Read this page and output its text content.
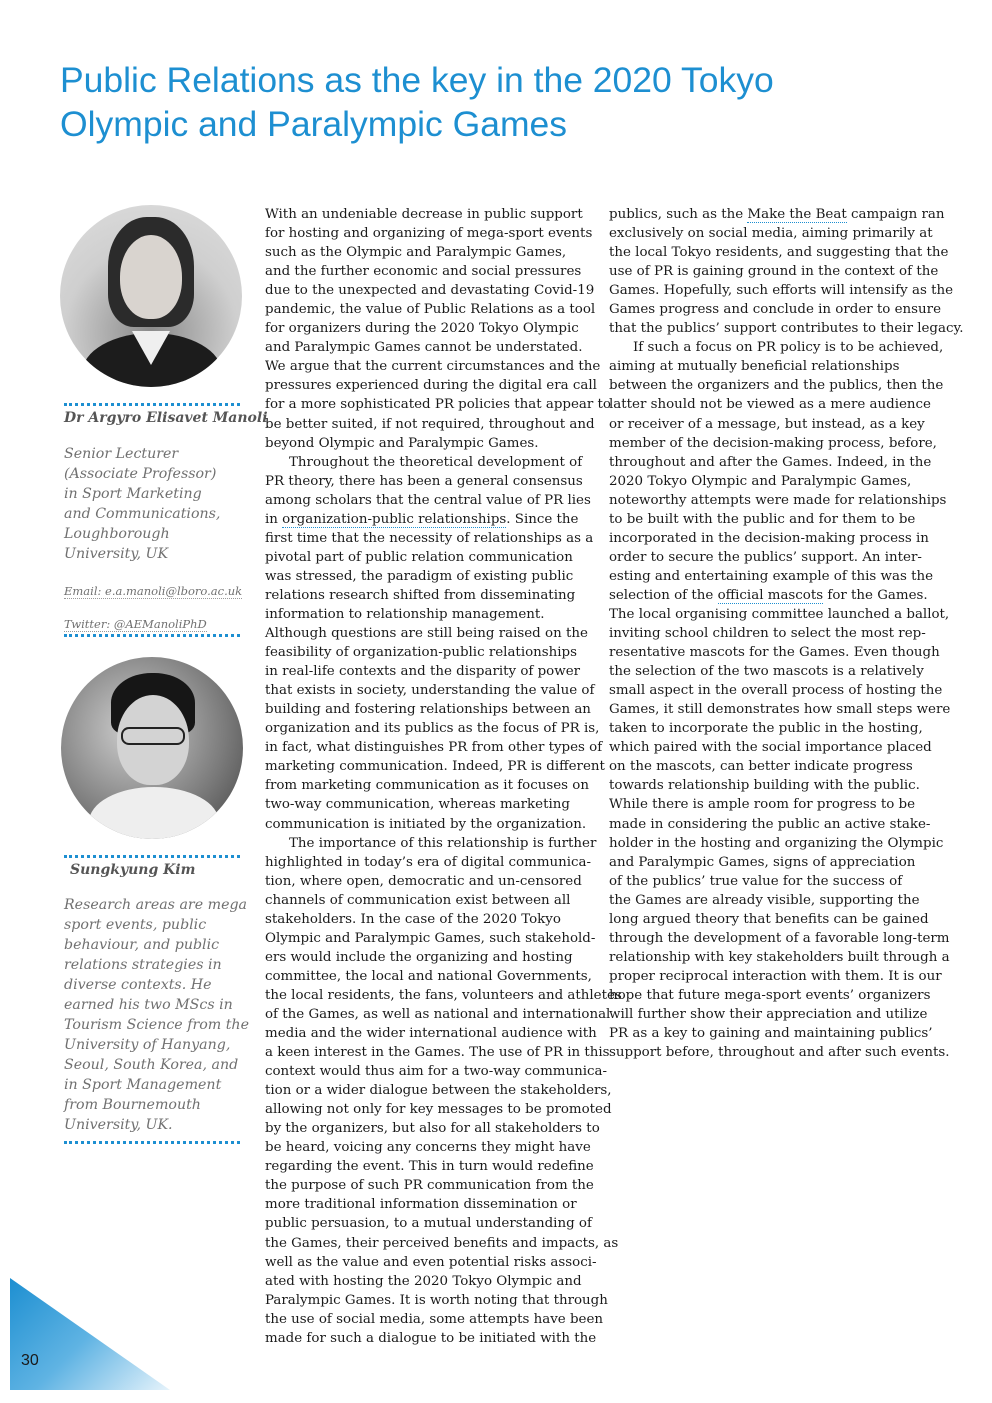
Public Relations as the key in the 2020 Tokyo
Olympic and Paralympic Games
Dr Argyro Elisavet Manoli
Senior Lecturer
(Associate Professor)
in Sport Marketing
and Communications,
Loughborough
University, UK
Email: e.a.manoli@lboro.ac.uk
Twitter: @AEManoliPhD
Sungkyung Kim
Research areas are mega
sport events, public
behaviour, and public
relations strategies in
diverse contexts. He
earned his two MScs in
Tourism Science from the
University of Hanyang,
Seoul, South Korea, and
in Sport Management
from Bournemouth
University, UK.
With an undeniable decrease in public support
for hosting and organizing of mega-sport events
such as the Olympic and Paralympic Games,
and the further economic and social pressures
due to the unexpected and devastating Covid-19
pandemic, the value of Public Relations as a tool
for organizers during the 2020 Tokyo Olympic
and Paralympic Games cannot be understated.
We argue that the current circumstances and the
pressures experienced during the digital era call
for a more sophisticated PR policies that appear to
be better suited, if not required, throughout and
beyond Olympic and Paralympic Games.
Throughout the theoretical development of
PR theory, there has been a general consensus
among scholars that the central value of PR lies
in organization-public relationships. Since the
first time that the necessity of relationships as a
pivotal part of public relation communication
was stressed, the paradigm of existing public
relations research shifted from disseminating
information to relationship management.
Although questions are still being raised on the
feasibility of organization-public relationships
in real-life contexts and the disparity of power
that exists in society, understanding the value of
building and fostering relationships between an
organization and its publics as the focus of PR is,
in fact, what distinguishes PR from other types of
marketing communication. Indeed, PR is different
from marketing communication as it focuses on
two-way communication, whereas marketing
communication is initiated by the organization.
The importance of this relationship is further
highlighted in today’s era of digital communica-
tion, where open, democratic and un-censored
channels of communication exist between all
stakeholders. In the case of the 2020 Tokyo
Olympic and Paralympic Games, such stakehold-
ers would include the organizing and hosting
committee, the local and national Governments,
the local residents, the fans, volunteers and athletes
of the Games, as well as national and international
media and the wider international audience with
a keen interest in the Games. The use of PR in this
context would thus aim for a two-way communica-
tion or a wider dialogue between the stakeholders,
allowing not only for key messages to be promoted
by the organizers, but also for all stakeholders to
be heard, voicing any concerns they might have
regarding the event. This in turn would redefine
the purpose of such PR communication from the
more traditional information dissemination or
public persuasion, to a mutual understanding of
the Games, their perceived benefits and impacts, as
well as the value and even potential risks associ-
ated with hosting the 2020 Tokyo Olympic and
Paralympic Games. It is worth noting that through
the use of social media, some attempts have been
made for such a dialogue to be initiated with the
publics, such as the Make the Beat campaign ran
exclusively on social media, aiming primarily at
the local Tokyo residents, and suggesting that the
use of PR is gaining ground in the context of the
Games. Hopefully, such efforts will intensify as the
Games progress and conclude in order to ensure
that the publics’ support contributes to their legacy.
If such a focus on PR policy is to be achieved,
aiming at mutually beneficial relationships
between the organizers and the publics, then the
latter should not be viewed as a mere audience
or receiver of a message, but instead, as a key
member of the decision-making process, before,
throughout and after the Games. Indeed, in the
2020 Tokyo Olympic and Paralympic Games,
noteworthy attempts were made for relationships
to be built with the public and for them to be
incorporated in the decision-making process in
order to secure the publics’ support. An inter-
esting and entertaining example of this was the
selection of the official mascots for the Games.
The local organising committee launched a ballot,
inviting school children to select the most rep-
resentative mascots for the Games. Even though
the selection of the two mascots is a relatively
small aspect in the overall process of hosting the
Games, it still demonstrates how small steps were
taken to incorporate the public in the hosting,
which paired with the social importance placed
on the mascots, can better indicate progress
towards relationship building with the public.
While there is ample room for progress to be
made in considering the public an active stake-
holder in the hosting and organizing the Olympic
and Paralympic Games, signs of appreciation
of the publics’ true value for the success of
the Games are already visible, supporting the
long argued theory that benefits can be gained
through the development of a favorable long-term
relationship with key stakeholders built through a
proper reciprocal interaction with them. It is our
hope that future mega-sport events’ organizers
will further show their appreciation and utilize
PR as a key to gaining and maintaining publics’
support before, throughout and after such events.
30
